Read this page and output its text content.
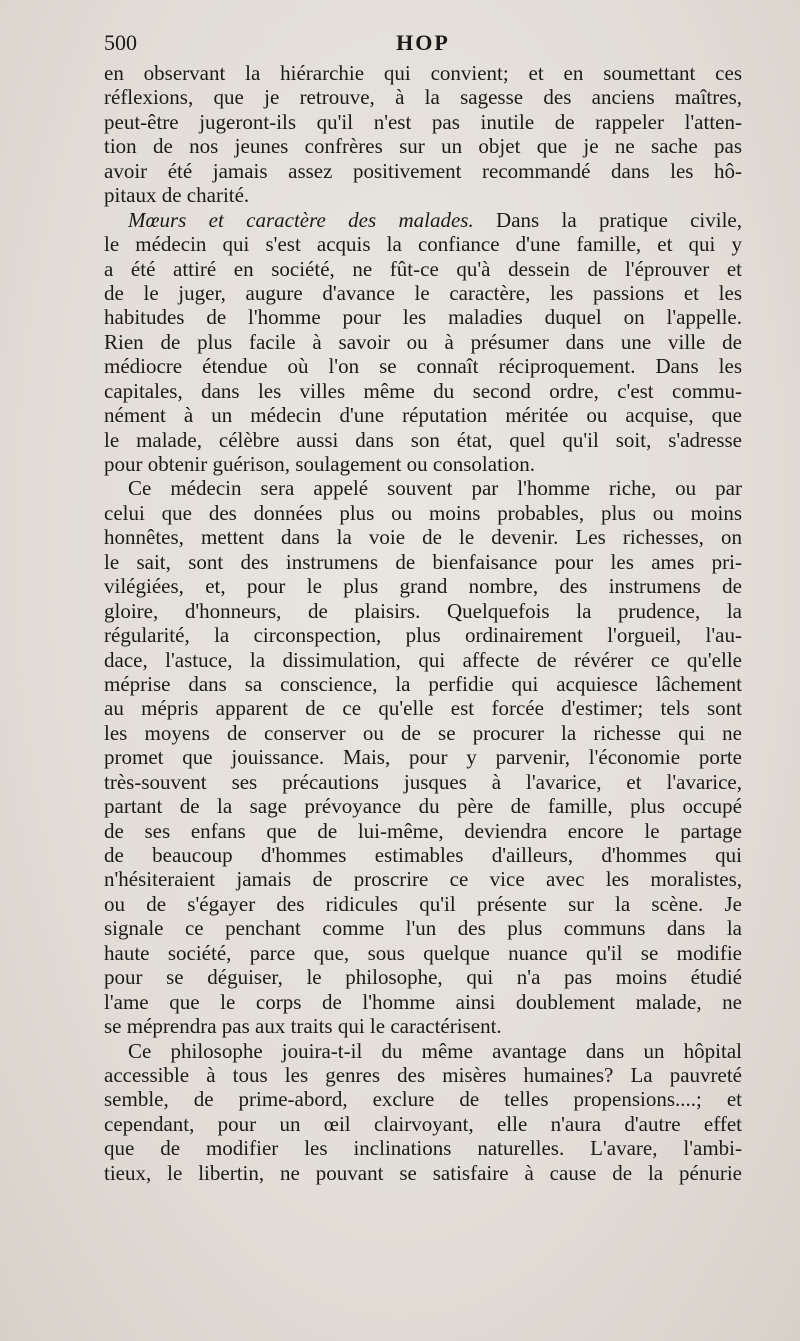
500	HOP
en observant la hiérarchie qui convient; et en soumettant ces
réflexions, que je retrouve, à la sagesse des anciens maîtres,
peut-être jugeront-ils qu'il n'est pas inutile de rappeler l'atten-
tion de nos jeunes confrères sur un objet que je ne sache pas
avoir été jamais assez positivement recommandé dans les hô-
pitaux de charité.
Mœurs et caractère des malades. Dans la pratique civile,
le médecin qui s'est acquis la confiance d'une famille, et qui y
a été attiré en société, ne fût-ce qu'à dessein de l'éprouver et
de le juger, augure d'avance le caractère, les passions et les
habitudes de l'homme pour les maladies duquel on l'appelle.
Rien de plus facile à savoir ou à présumer dans une ville de
médiocre étendue où l'on se connaît réciproquement. Dans les
capitales, dans les villes même du second ordre, c'est commu-
nément à un médecin d'une réputation méritée ou acquise, que
le malade, célèbre aussi dans son état, quel qu'il soit, s'adresse
pour obtenir guérison, soulagement ou consolation.
Ce médecin sera appelé souvent par l'homme riche, ou par
celui que des données plus ou moins probables, plus ou moins
honnêtes, mettent dans la voie de le devenir. Les richesses, on
le sait, sont des instrumens de bienfaisance pour les ames pri-
vilégiées, et, pour le plus grand nombre, des instrumens de
gloire, d'honneurs, de plaisirs. Quelquefois la prudence, la
régularité, la circonspection, plus ordinairement l'orgueil, l'au-
dace, l'astuce, la dissimulation, qui affecte de révérer ce qu'elle
méprise dans sa conscience, la perfidie qui acquiesce lâchement
au mépris apparent de ce qu'elle est forcée d'estimer; tels sont
les moyens de conserver ou de se procurer la richesse qui ne
promet que jouissance. Mais, pour y parvenir, l'économie porte
très-souvent ses précautions jusques à l'avarice, et l'avarice,
partant de la sage prévoyance du père de famille, plus occupé
de ses enfans que de lui-même, deviendra encore le partage
de beaucoup d'hommes estimables d'ailleurs, d'hommes qui
n'hésiteraient jamais de proscrire ce vice avec les moralistes,
ou de s'égayer des ridicules qu'il présente sur la scène. Je
signale ce penchant comme l'un des plus communs dans la
haute société, parce que, sous quelque nuance qu'il se modifie
pour se déguiser, le philosophe, qui n'a pas moins étudié
l'ame que le corps de l'homme ainsi doublement malade, ne
se méprendra pas aux traits qui le caractérisent.
Ce philosophe jouira-t-il du même avantage dans un hôpital
accessible à tous les genres des misères humaines? La pauvreté
semble, de prime-abord, exclure de telles propensions....; et
cependant, pour un œil clairvoyant, elle n'aura d'autre effet
que de modifier les inclinations naturelles. L'avare, l'ambi-
tieux, le libertin, ne pouvant se satisfaire à cause de la pénurie
